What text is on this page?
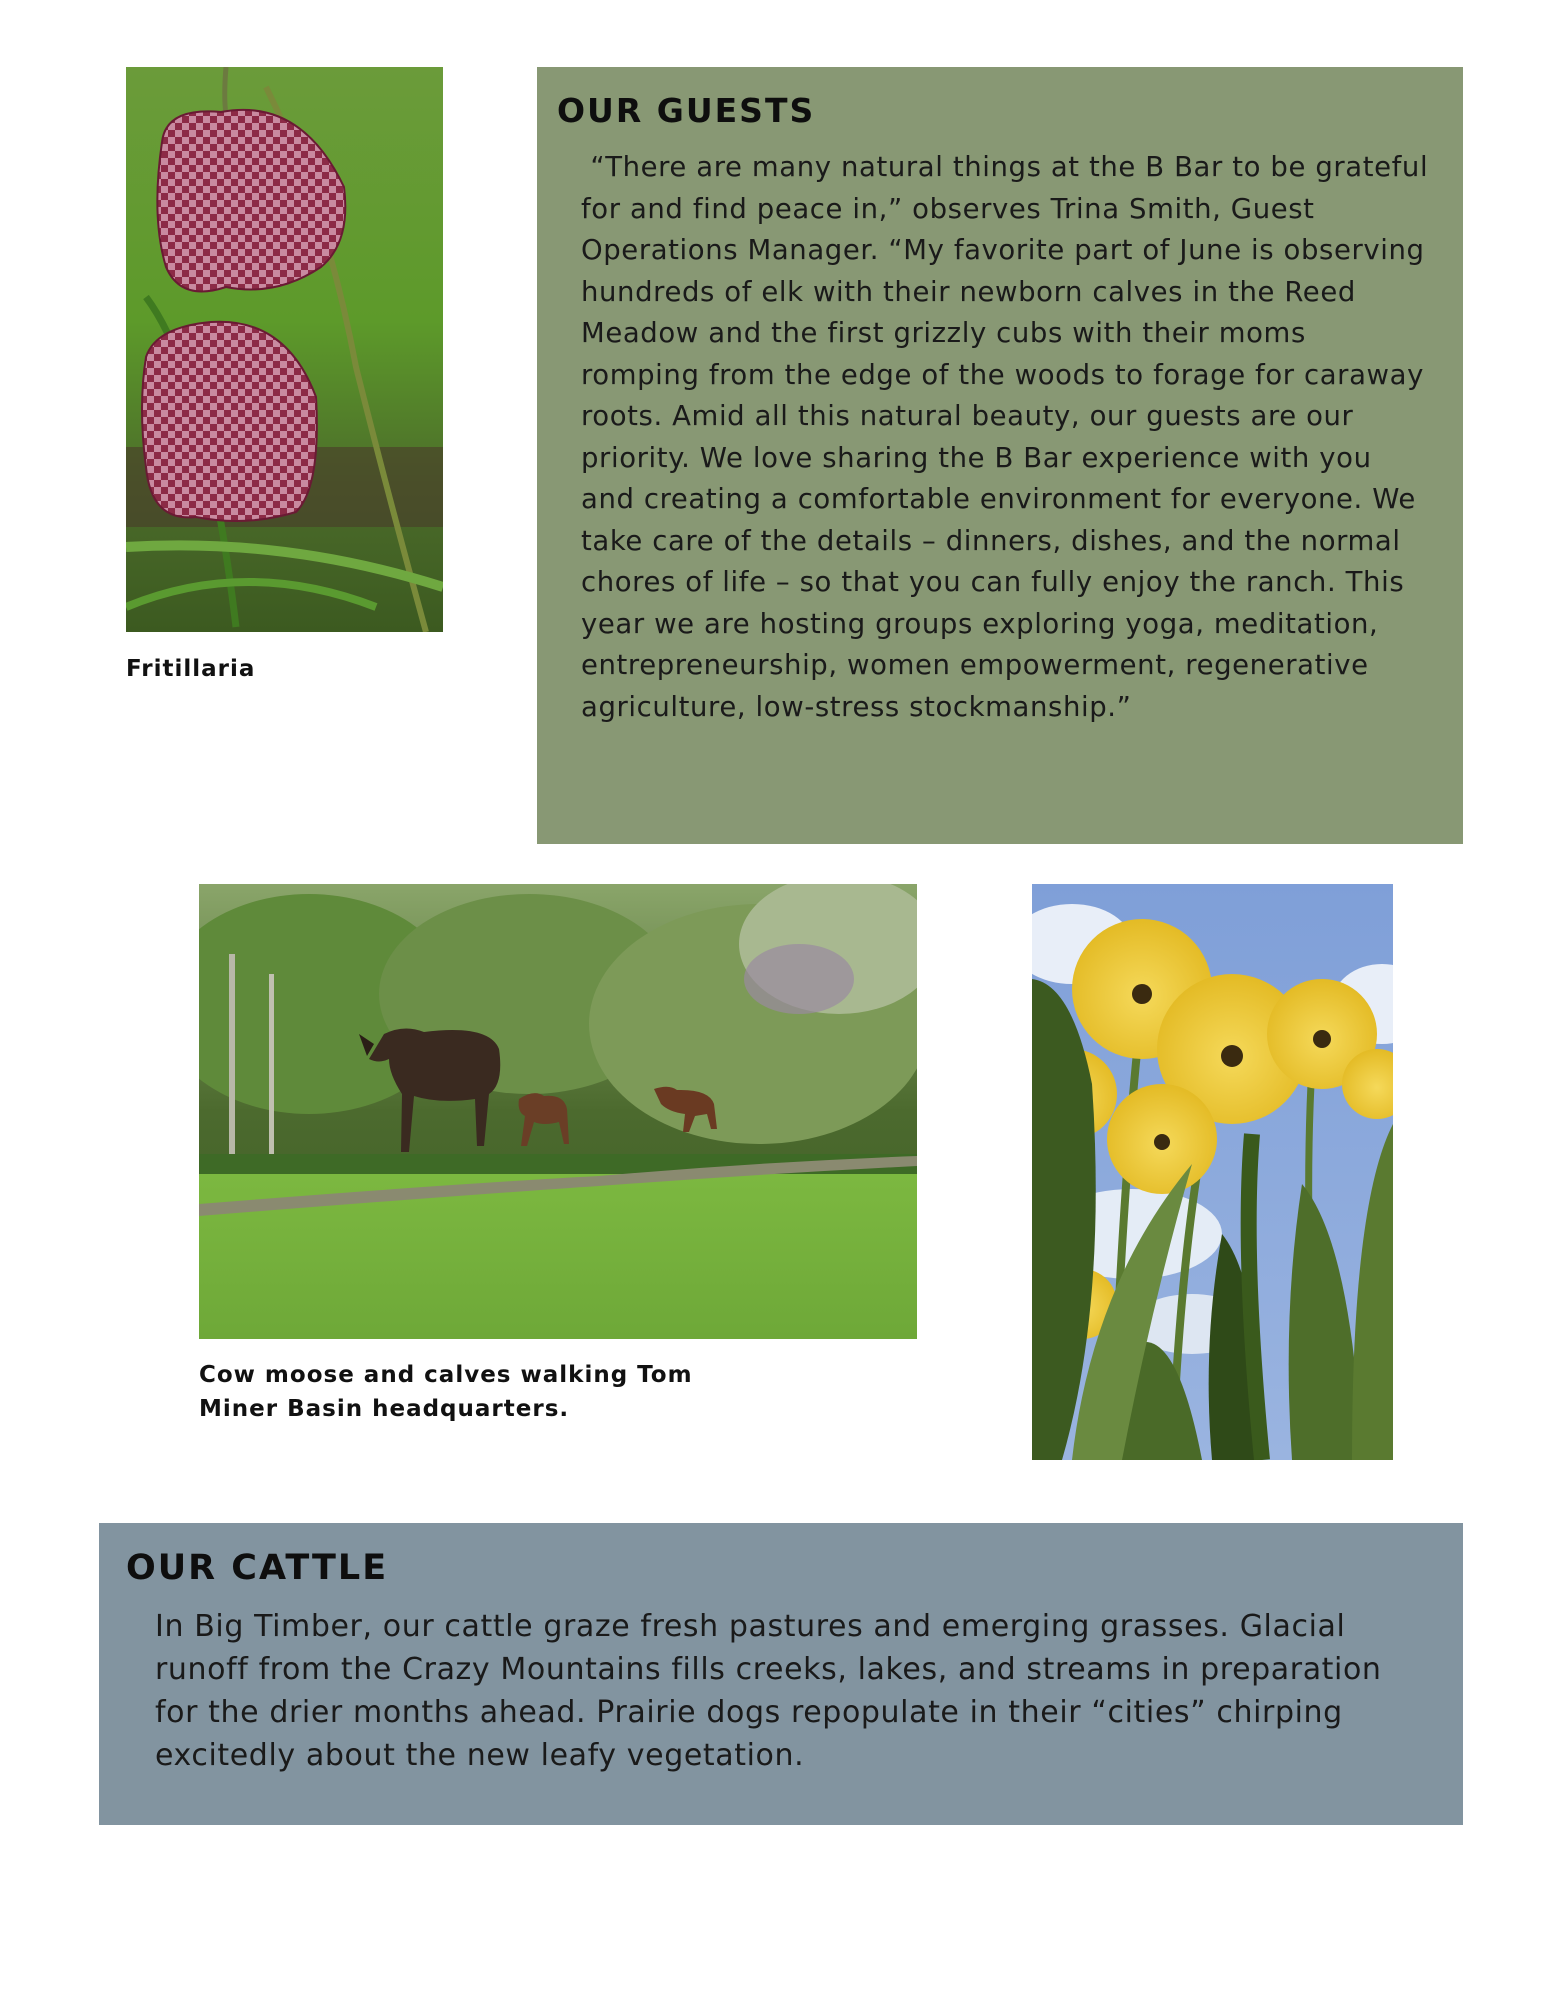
Fritillaria

OUR GUESTS

“There are many natural things at the B Bar to be grateful for and find peace in,” observes Trina Smith, Guest Operations Manager. “My favorite part of June is observing hundreds of elk with their newborn calves in the Reed Meadow and the first grizzly cubs with their moms romping from the edge of the woods to forage for caraway roots. Amid all this natural beauty, our guests are our priority. We love sharing the B Bar experience with you and creating a comfortable environment for everyone. We take care of the details – dinners, dishes, and the normal chores of life – so that you can fully enjoy the ranch. This year we are hosting groups exploring yoga, meditation, entrepreneurship, women empowerment, regenerative agriculture, low-stress stockmanship.”

Cow moose and calves walking Tom Miner Basin headquarters.

OUR CATTLE

In Big Timber, our cattle graze fresh pastures and emerging grasses. Glacial runoff from the Crazy Mountains fills creeks, lakes, and streams in preparation for the drier months ahead. Prairie dogs repopulate in their “cities” chirping excitedly about the new leafy vegetation.
